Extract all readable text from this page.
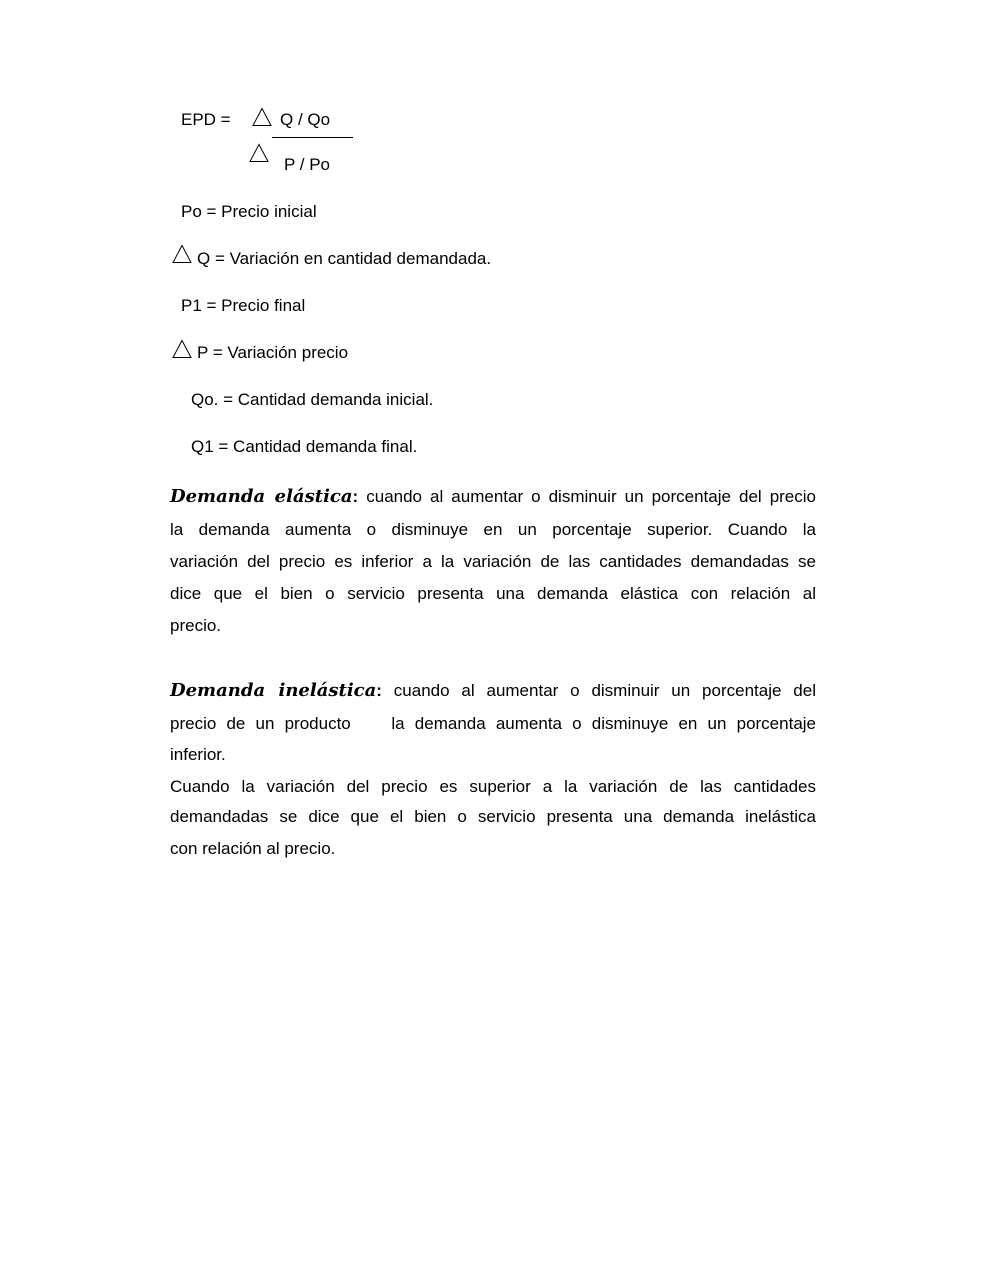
EPD =	Q / Qo
P / Po
Po = Precio inicial
Q = Variación en cantidad demandada.
P1 = Precio final
P = Variación precio
Qo. = Cantidad demanda inicial.
Q1 = Cantidad demanda final.
Demanda elástica: cuando al aumentar o disminuir un porcentaje del precio
la demanda aumenta o disminuye en un porcentaje superior. Cuando la
variación del precio es inferior a la variación de las cantidades demandadas se
dice que el bien o servicio presenta una demanda elástica con relación al
precio.
Demanda inelástica: cuando al aumentar o disminuir un porcentaje del
precio de un producto    la demanda aumenta o disminuye en un porcentaje
inferior.
Cuando la variación del precio es superior a la variación de las cantidades
demandadas se dice que el bien o servicio presenta una demanda inelástica
con relación al precio.
